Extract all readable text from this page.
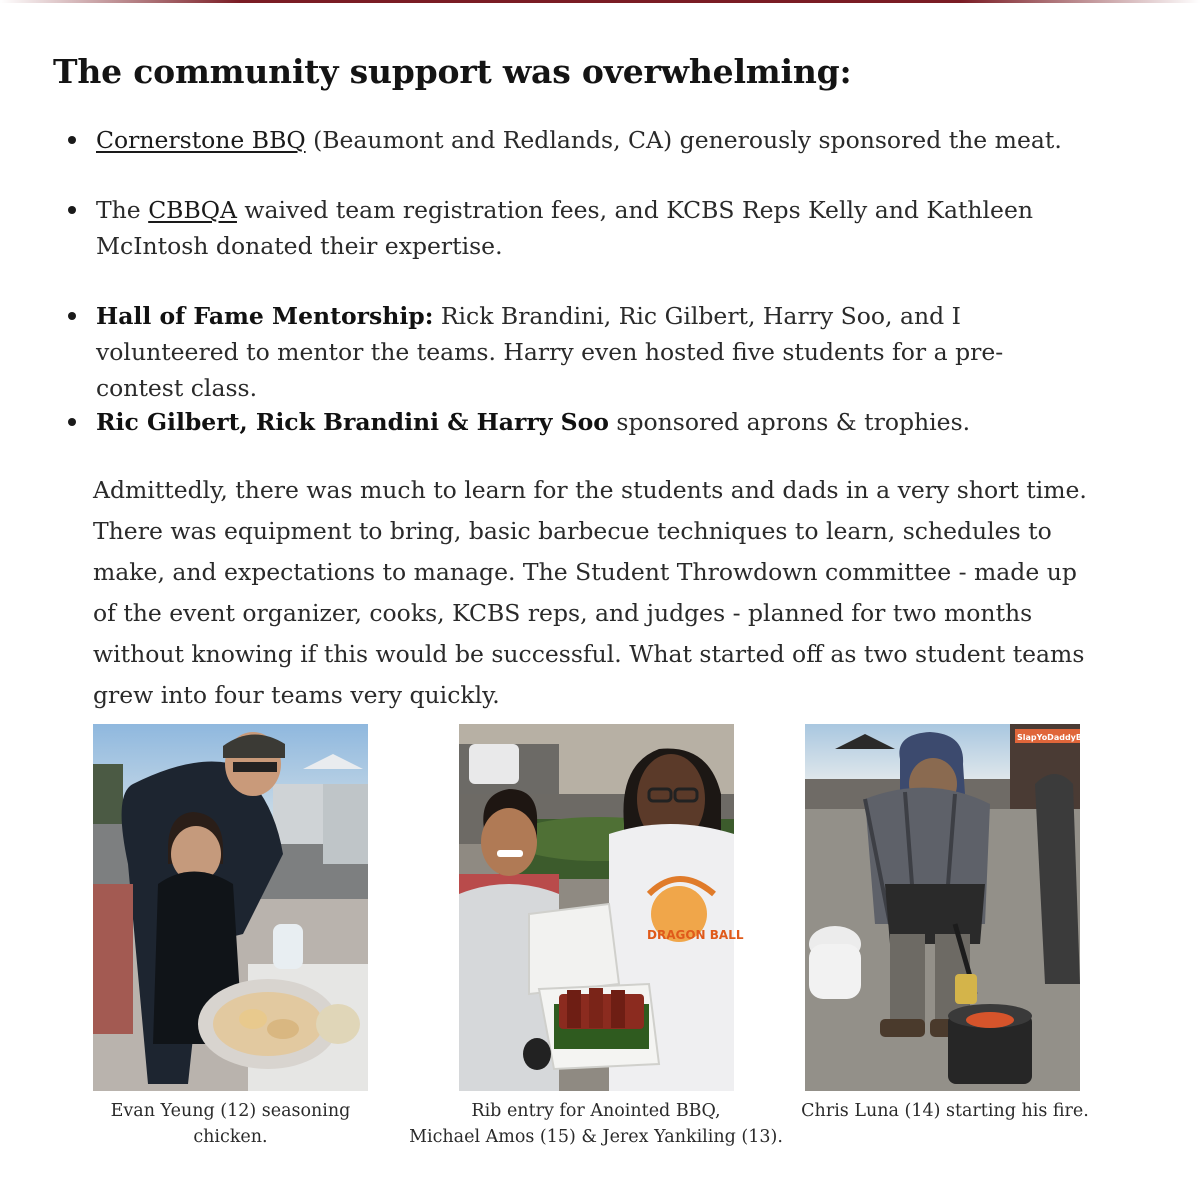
The community support was overwhelming:
Cornerstone BBQ (Beaumont and Redlands, CA) generously sponsored the meat.
The CBBQA waived team registration fees, and KCBS Reps Kelly and Kathleen McIntosh donated their expertise.
Hall of Fame Mentorship: Rick Brandini, Ric Gilbert, Harry Soo, and I volunteered to mentor the teams. Harry even hosted five students for a pre-contest class.
Ric Gilbert, Rick Brandini & Harry Soo sponsored aprons & trophies.

Admittedly, there was much to learn for the students and dads in a very short time. There was equipment to bring, basic barbecue techniques to learn, schedules to make, and expectations to manage. The Student Throwdown committee - made up of the event organizer, cooks, KCBS reps, and judges - planned for two months without knowing if this would be successful. What started off as two student teams grew into four teams very quickly.

Evan Yeung (12) seasoning
chicken.
DRAGON BALL
Rib entry for Anointed BBQ,
Michael Amos (15) & Jerex Yankiling (13).
SlapYoDaddyBBQ
Chris Luna (14) starting his fire.
